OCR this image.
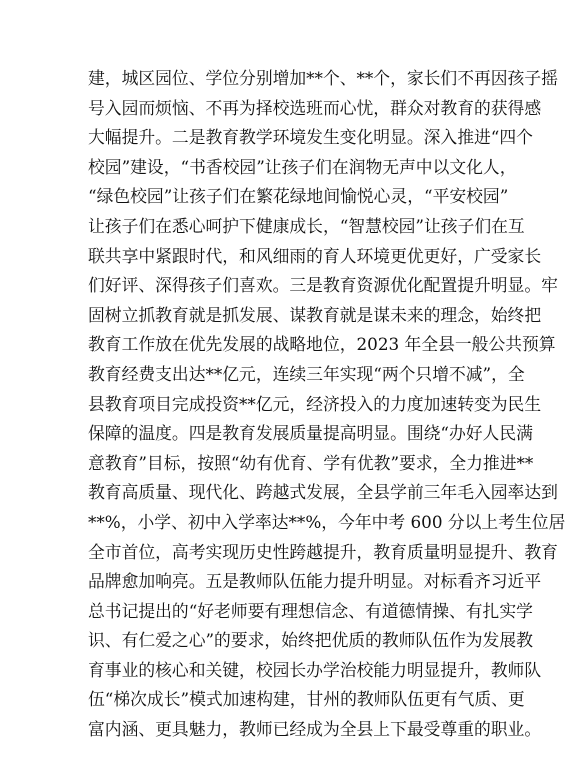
建，城区园位、学位分别增加**个、**个，家长们不再因孩子摇
号入园而烦恼、不再为择校选班而心忧，群众对教育的获得感
大幅提升。二是教育教学环境发生变化明显。深入推进“四个
校园”建设，“书香校园”让孩子们在润物无声中以文化人，
“绿色校园”让孩子们在繁花绿地间愉悦心灵，“平安校园”
让孩子们在悉心呵护下健康成长，“智慧校园”让孩子们在互
联共享中紧跟时代，和风细雨的育人环境更优更好，广受家长
们好评、深得孩子们喜欢。三是教育资源优化配置提升明显。牢
固树立抓教育就是抓发展、谋教育就是谋未来的理念，始终把
教育工作放在优先发展的战略地位，2023 年全县一般公共预算
教育经费支出达**亿元，连续三年实现“两个只增不减”，全
县教育项目完成投资**亿元，经济投入的力度加速转变为民生
保障的温度。四是教育发展质量提高明显。围绕“办好人民满
意教育”目标，按照“幼有优育、学有优教”要求，全力推进**
教育高质量、现代化、跨越式发展，全县学前三年毛入园率达到
**%，小学、初中入学率达**%，今年中考 600 分以上考生位居
全市首位，高考实现历史性跨越提升，教育质量明显提升、教育
品牌愈加响亮。五是教师队伍能力提升明显。对标看齐习近平
总书记提出的“好老师要有理想信念、有道德情操、有扎实学
识、有仁爱之心”的要求，始终把优质的教师队伍作为发展教
育事业的核心和关键，校园长办学治校能力明显提升，教师队
伍“梯次成长”模式加速构建，甘州的教师队伍更有气质、更
富内涵、更具魅力，教师已经成为全县上下最受尊重的职业。
